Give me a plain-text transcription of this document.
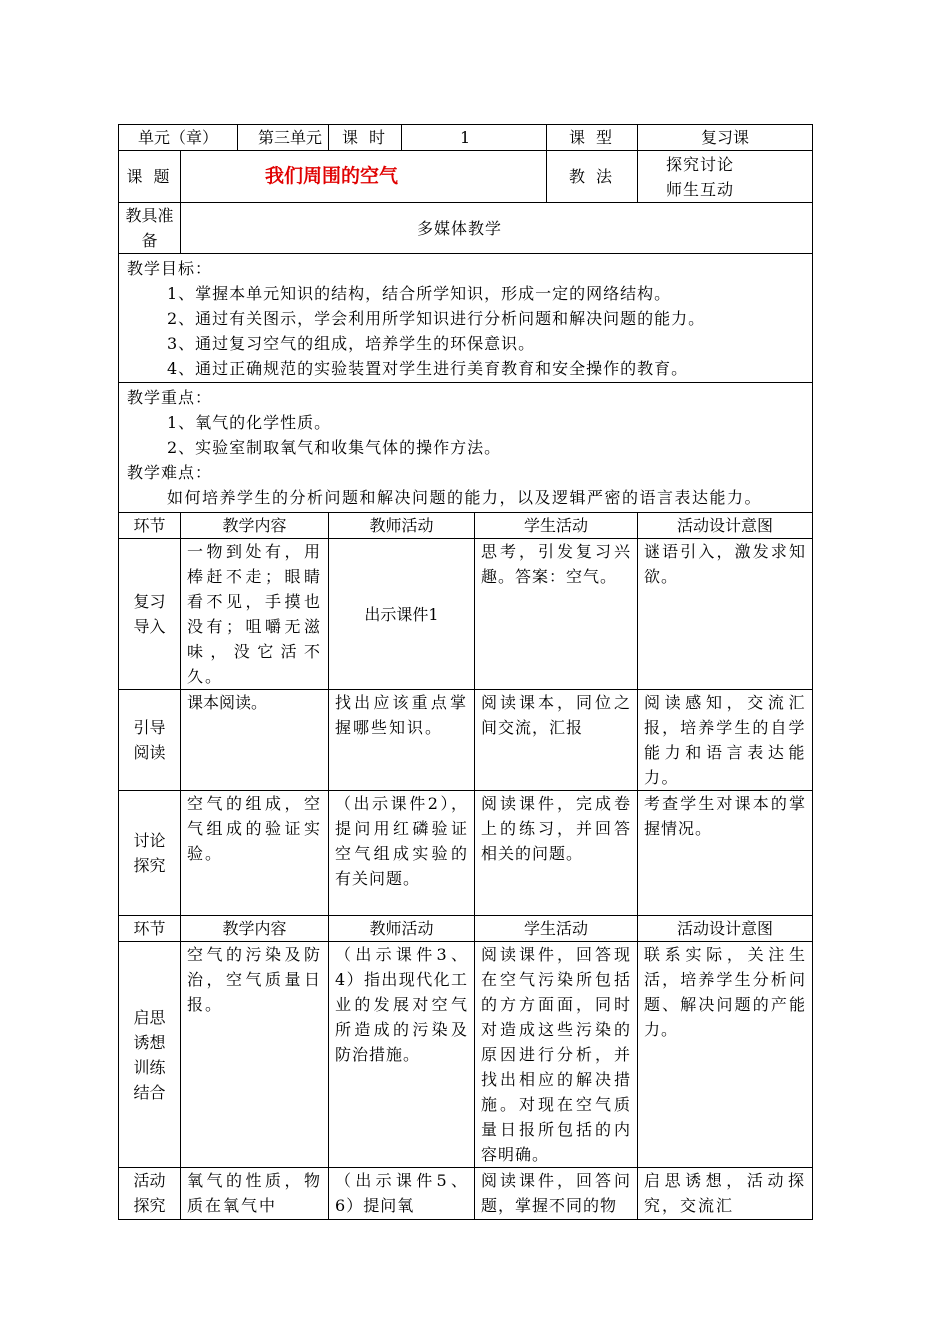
单元（章） 第三单元		课 时	1		课 型	复习课
课 题	我们周围的空气				教 法	探究讨论
师生互动

教具准备	多媒体教学					

教学目标：
1、掌握本单元知识的结构，结合所学知识，形成一定的网络结构。
2、通过有关图示，学会利用所学知识进行分析问题和解决问题的能力。
3、通过复习空气的组成，培养学生的环保意识。
4、通过正确规范的实验装置对学生进行美育教育和安全操作的教育。						

教学重点：
1、氧气的化学性质。
2、实验室制取氧气和收集气体的操作方法。
教学难点：
如何培养学生的分析问题和解决问题的能力，以及逻辑严密的语言表达能力。						

环节	教学内容	教师活动		学生活动		活动设计意图
复习导入	一物到处有，用棒赶不走；眼睛看不见，手摸也没有；咀嚼无滋味，没它活不久。	出示课件1		思考，引发复习兴趣。答案：空气。		谜语引入，激发求知欲。
引导阅读	课本阅读。	找出应该重点掌握哪些知识。		阅读课本，同位之间交流，汇报		阅读感知，交流汇报，培养学生的自学能力和语言表达能力。
讨论探究	空气的组成，空气组成的验证实验。	（出示课件2），提问用红磷验证空气组成实验的有关问题。		阅读课件，完成卷上的练习，并回答相关的问题。		考查学生对课本的掌握情况。
环节	教学内容	教师活动		学生活动		活动设计意图
启思诱想训练结合	空气的污染及防治，空气质量日报。	（出示课件3、4）指出现代化工业的发展对空气所造成的污染及防治措施。		阅读课件，回答现在空气污染所包括的方方面面，同时对造成这些污染的原因进行分析，并找出相应的解决措施。对现在空气质量日报所包括的内容明确。		联系实际，关注生活，培养学生分析问题、解决问题的产能力。
活动探究	氧气的性质，物质在氧气中	（出示课件5、6）提问氧		阅读课件，回答问题，掌握不同的物		启思诱想，活动探究，交流汇
